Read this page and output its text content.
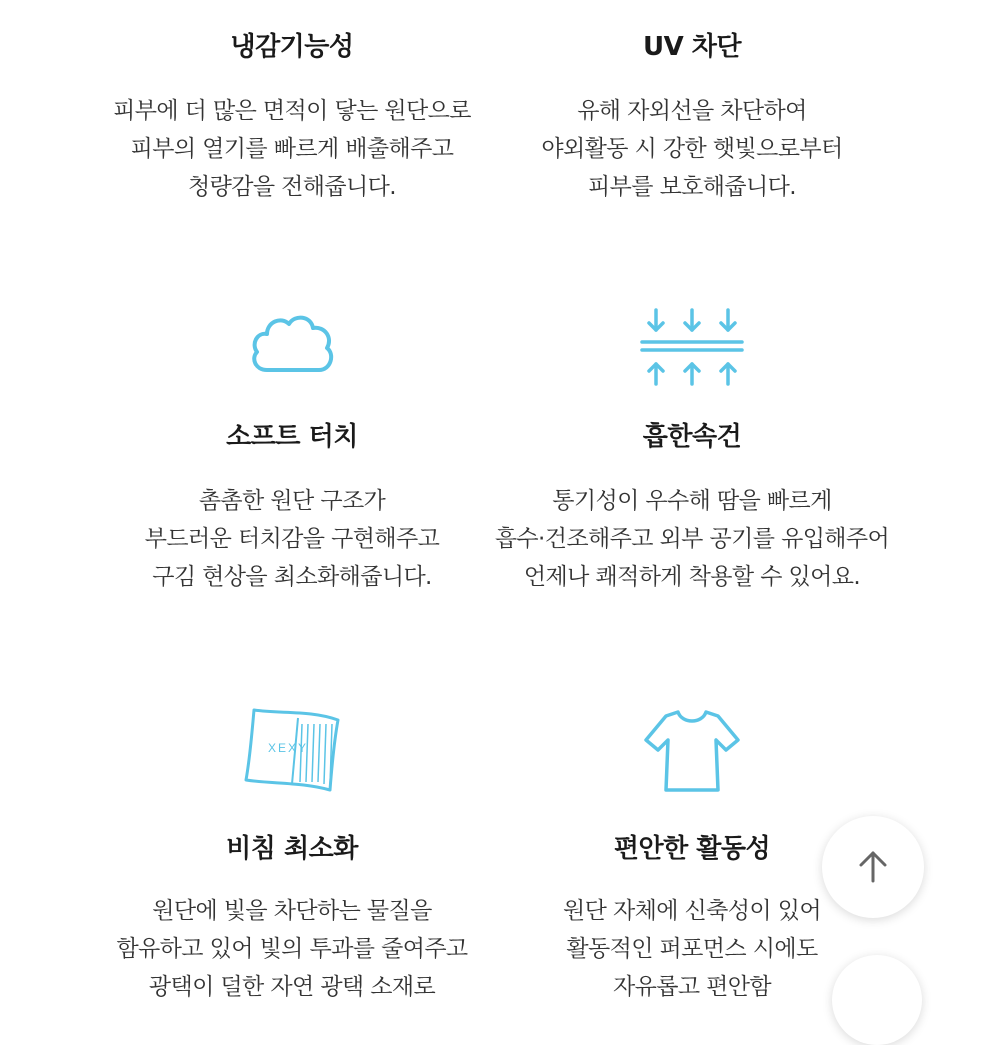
냉감기능성
피부에 더 많은 면적이 닿는 원단으로
피부의 열기를 빠르게 배출해주고
청량감을 전해줍니다.
UV 차단
유해 자외선을 차단하여
야외활동 시 강한 햇빛으로부터
피부를 보호해줍니다.
소프트 터치
촘촘한 원단 구조가
부드러운 터치감을 구현해주고
구김 현상을 최소화해줍니다.
흡한속건
통기성이 우수해 땀을 빠르게
흡수·건조해주고 외부 공기를 유입해주어
언제나 쾌적하게 착용할 수 있어요.
XEXY
비침 최소화
원단에 빛을 차단하는 물질을
함유하고 있어 빛의 투과를 줄여주고
광택이 덜한 자연 광택 소재로
편안한 활동성
원단 자체에 신축성이 있어
활동적인 퍼포먼스 시에도
자유롭고 편안함
